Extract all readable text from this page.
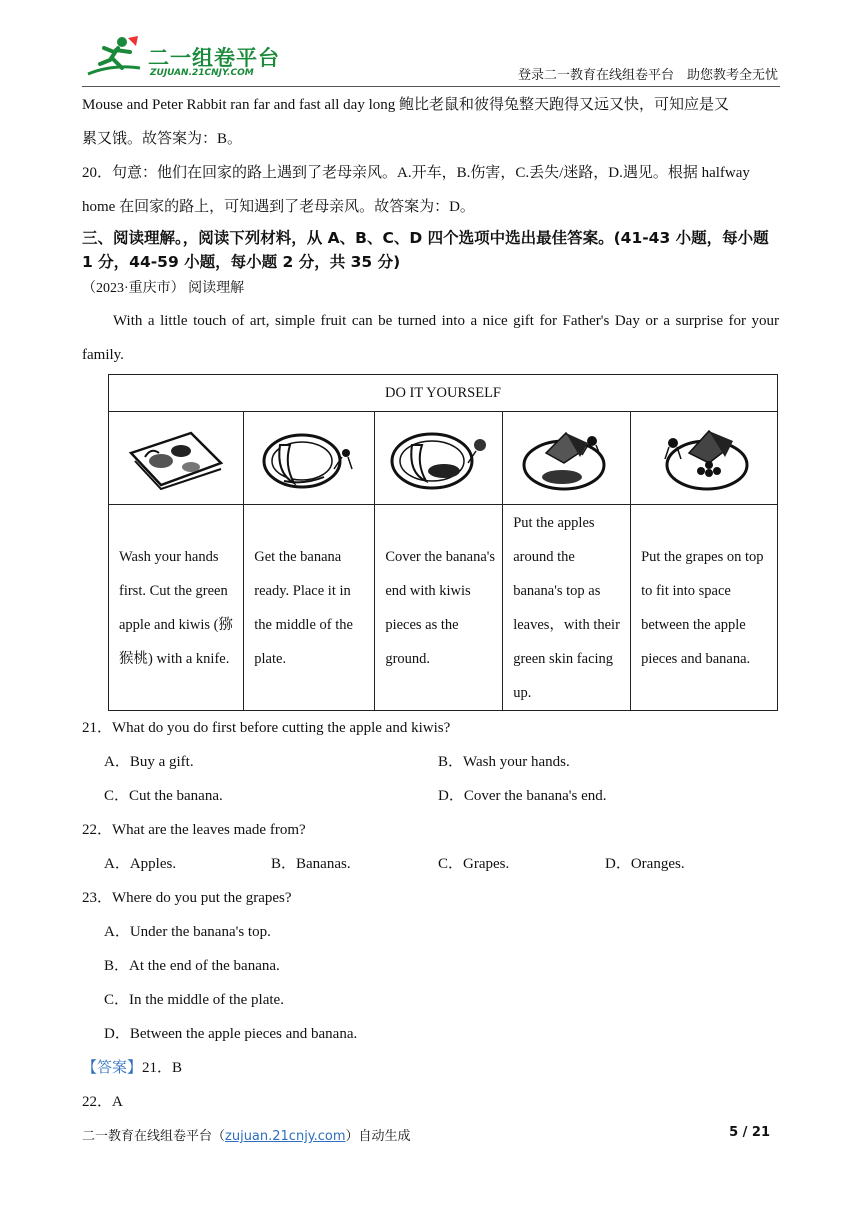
二一组卷平台
ZUJUAN.21CNJY.COM	登录二一教育在线组卷平台　助您教考全无忧

Mouse and Peter Rabbit ran far and fast all day long 鲍比老鼠和彼得兔整天跑得又远又快，可知应是又

累又饿。故答案为：B。

20．句意：他们在回家的路上遇到了老母亲风。A.开车，B.伤害，C.丢失/迷路，D.遇见。根据 halfway

home 在回家的路上，可知遇到了老母亲风。故答案为：D。

三、阅读理解。，阅读下列材料，从 A、B、C、D 四个选项中选出最佳答案。(41-43 小题，每小题 1 分，44-59 小题，每小题 2 分，共 35 分)

（2023·重庆市） 阅读理解

With a little touch of art, simple fruit can be turned into a nice gift for Father's Day or a surprise for your family.

DO IT YOURSELF				

Wash your hands first. Cut the green apple and kiwis (猕猴桃) with a knife.	Get the banana ready. Place it in the middle of the plate.	Cover the banana's end with kiwis pieces as the ground.	Put the apples around the banana's top as leaves，with their green skin facing up.	Put the grapes on top to fit into space between the apple pieces and banana.

21．What do you do first before cutting the apple and kiwis?

A．Buy a gift.	B．Wash your hands.

C．Cut the banana.	D．Cover the banana's end.

22．What are the leaves made from?

A．Apples.	B．Bananas.	C．Grapes.	D．Oranges.

23．Where do you put the grapes?

A．Under the banana's top.

B．At the end of the banana.

C．In the middle of the plate.

D．Between the apple pieces and banana.

【答案】21．B

22．A

二一教育在线组卷平台（zujuan.21cnjy.com）自动生成	5 / 21
